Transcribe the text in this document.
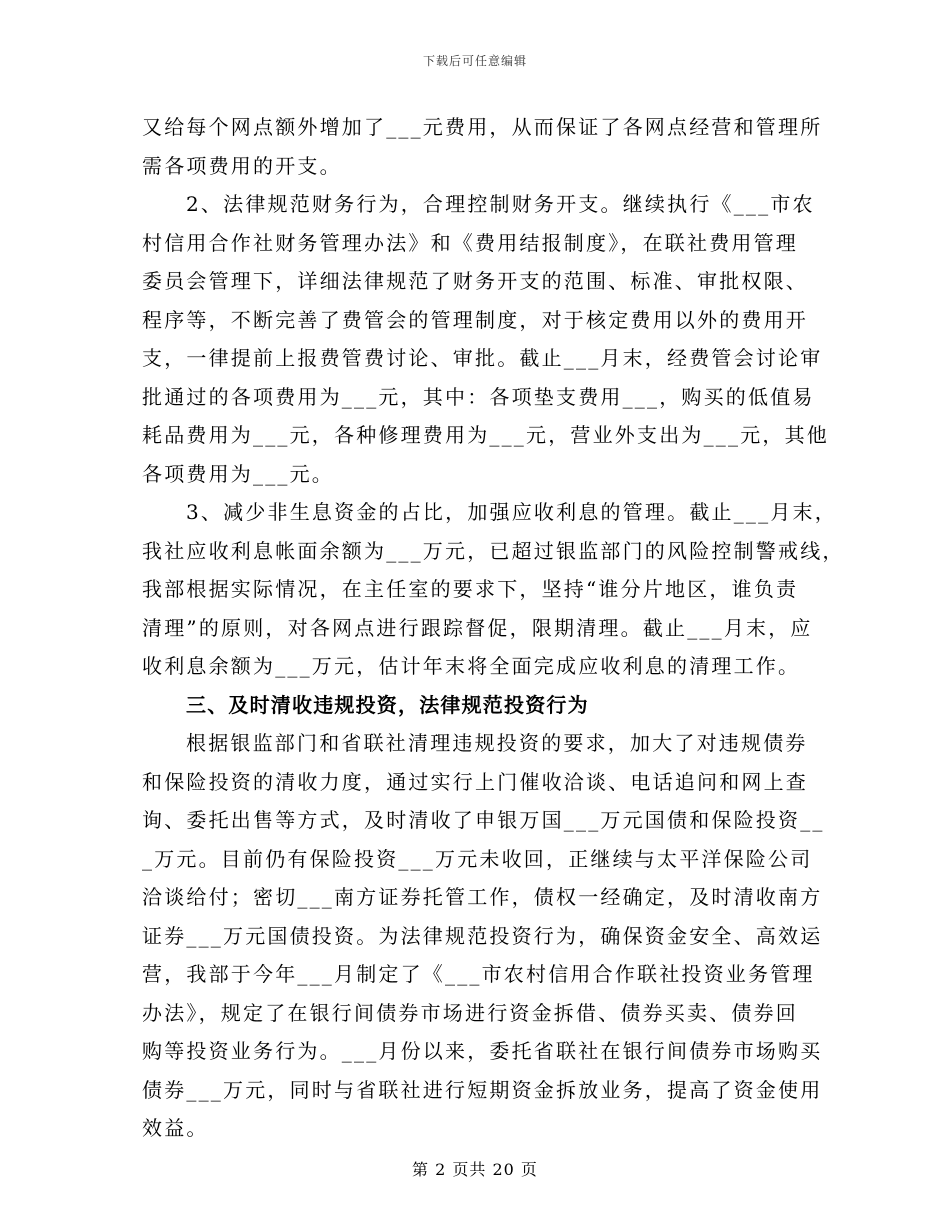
下载后可任意编辑
又给每个网点额外增加了___元费用，从而保证了各网点经营和管理所
需各项费用的开支。
2、法律规范财务行为，合理控制财务开支。继续执行《___市农
村信用合作社财务管理办法》和《费用结报制度》，在联社费用管理
委员会管理下，详细法律规范了财务开支的范围、标准、审批权限、
程序等，不断完善了费管会的管理制度，对于核定费用以外的费用开
支，一律提前上报费管费讨论、审批。截止___月末，经费管会讨论审
批通过的各项费用为___元，其中：各项垫支费用___，购买的低值易
耗品费用为___元，各种修理费用为___元，营业外支出为___元，其他
各项费用为___元。
3、减少非生息资金的占比，加强应收利息的管理。截止___月末，
我社应收利息帐面余额为___万元，已超过银监部门的风险控制警戒线，
我部根据实际情况，在主任室的要求下，坚持“谁分片地区，谁负责
清理”的原则，对各网点进行跟踪督促，限期清理。截止___月末，应
收利息余额为___万元，估计年末将全面完成应收利息的清理工作。
三、及时清收违规投资，法律规范投资行为
根据银监部门和省联社清理违规投资的要求，加大了对违规债券
和保险投资的清收力度，通过实行上门催收洽谈、电话追问和网上查
询、委托出售等方式，及时清收了申银万国___万元国债和保险投资__
_万元。目前仍有保险投资___万元未收回，正继续与太平洋保险公司
洽谈给付；密切___南方证券托管工作，债权一经确定，及时清收南方
证券___万元国债投资。为法律规范投资行为，确保资金安全、高效运
营，我部于今年___月制定了《___市农村信用合作联社投资业务管理
办法》，规定了在银行间债券市场进行资金拆借、债券买卖、债券回
购等投资业务行为。___月份以来，委托省联社在银行间债券市场购买
债券___万元，同时与省联社进行短期资金拆放业务，提高了资金使用
效益。
第 2 页共 20 页
